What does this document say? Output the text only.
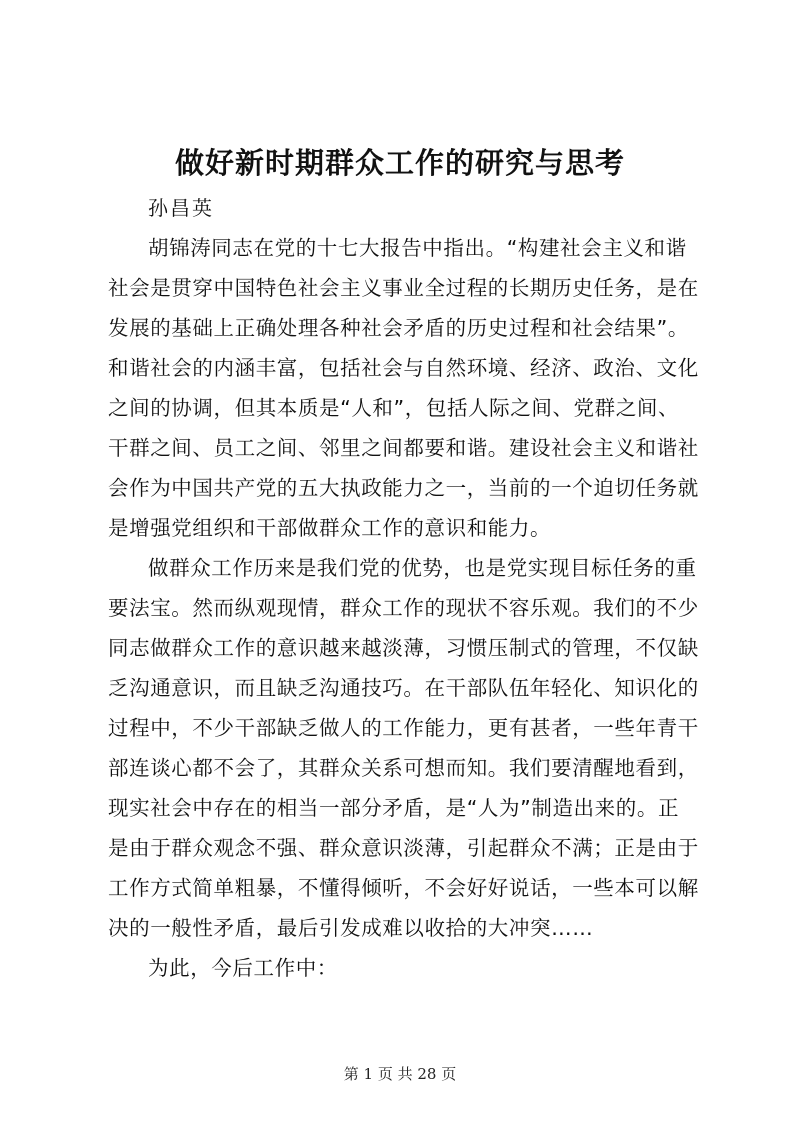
做好新时期群众工作的研究与思考
孙昌英
胡锦涛同志在党的十七大报告中指出。“构建社会主义和谐
社会是贯穿中国特色社会主义事业全过程的长期历史任务，是在
发展的基础上正确处理各种社会矛盾的历史过程和社会结果”。
和谐社会的内涵丰富，包括社会与自然环境、经济、政治、文化
之间的协调，但其本质是“人和”，包括人际之间、党群之间、
干群之间、员工之间、邻里之间都要和谐。建设社会主义和谐社
会作为中国共产党的五大执政能力之一，当前的一个迫切任务就
是增强党组织和干部做群众工作的意识和能力。
做群众工作历来是我们党的优势，也是党实现目标任务的重
要法宝。然而纵观现情，群众工作的现状不容乐观。我们的不少
同志做群众工作的意识越来越淡薄，习惯压制式的管理，不仅缺
乏沟通意识，而且缺乏沟通技巧。在干部队伍年轻化、知识化的
过程中，不少干部缺乏做人的工作能力，更有甚者，一些年青干
部连谈心都不会了，其群众关系可想而知。我们要清醒地看到，
现实社会中存在的相当一部分矛盾，是“人为”制造出来的。正
是由于群众观念不强、群众意识淡薄，引起群众不满；正是由于
工作方式简单粗暴，不懂得倾听，不会好好说话，一些本可以解
决的一般性矛盾，最后引发成难以收拾的大冲突……
为此，今后工作中：
第 1 页 共 28 页
